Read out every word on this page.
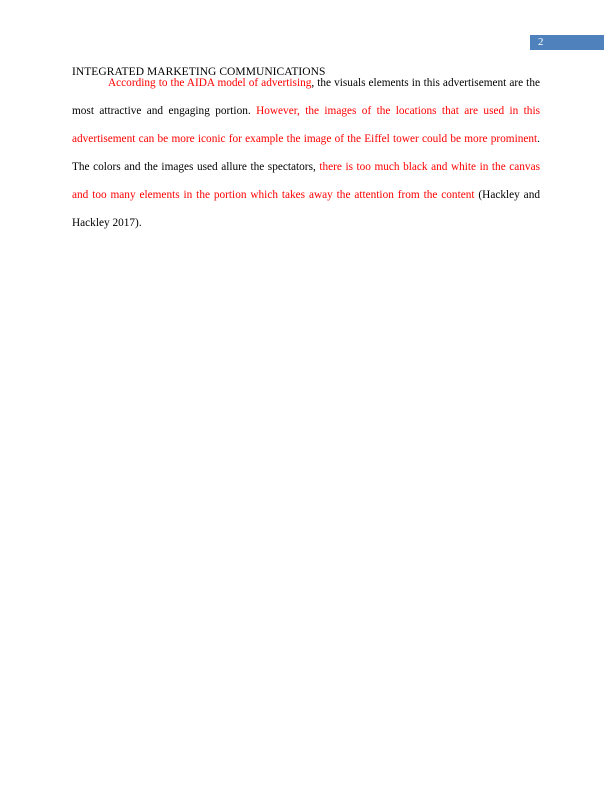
2
INTEGRATED MARKETING COMMUNICATIONS

According to the AIDA model of advertising, the visuals elements in this advertisement are the most attractive and engaging portion. However, the images of the locations that are used in this advertisement can be more iconic for example the image of the Eiffel tower could be more prominent. The colors and the images used allure the spectators, there is too much black and white in the canvas and too many elements in the portion which takes away the attention from the content (Hackley and Hackley 2017).
